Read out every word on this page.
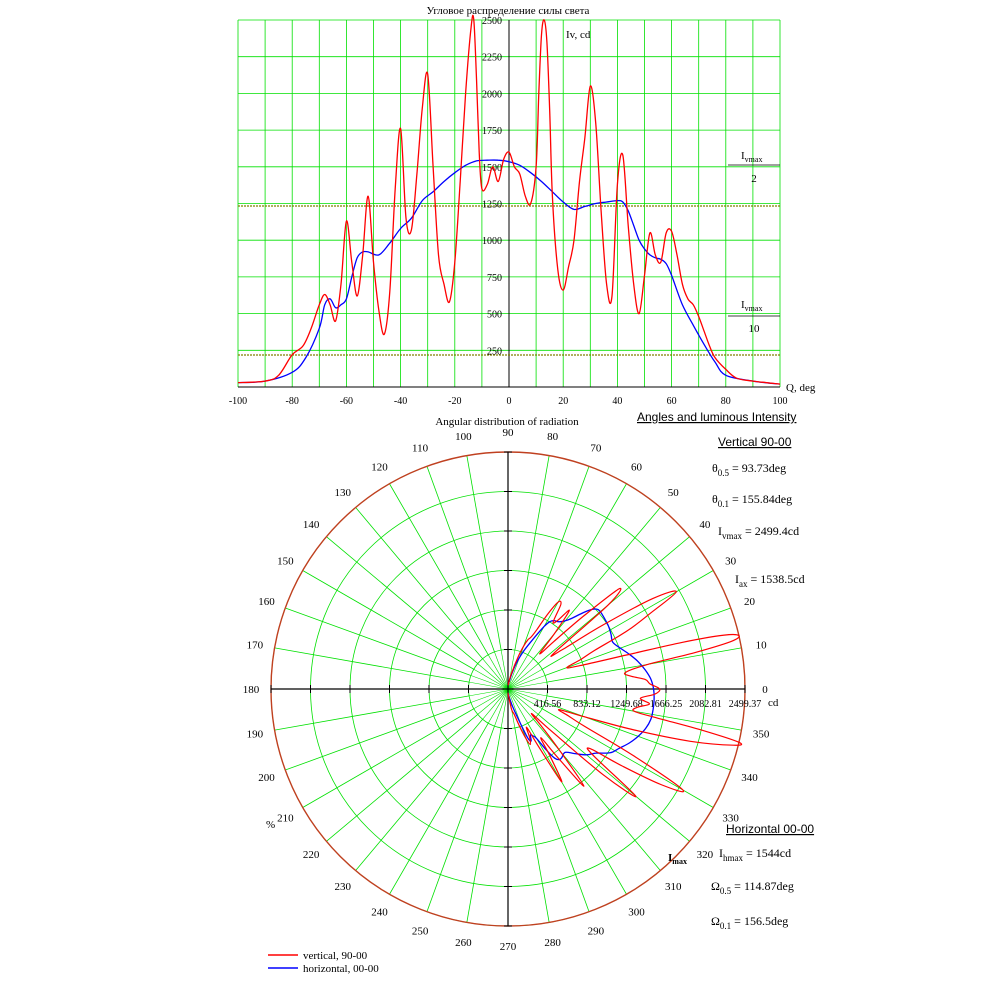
Угловое распределение силы света
250
500
750
1000
1250
1500
1750
2000
2250
2500
-100	-80	-60	-40	-20	0	20	40	60	80	100
Iv, cd
Q, deg
Angles and luminous Intensity
$I_{vmax}$
2
$I_{vmax}$
10
Angular distribution of radiation
0
10
20
30
40
50
60
70
80
90
100
110
120
130
140
150
160
170
180
190
200
210
220
230
240
250
260	270	280
290
300
310
320
330
340
350
416.56 833.12 1249.68 1666.25 2082.81 2499.37 cd
%
$I_{max}$
Vertical 90-00
$\theta_{0.5} = 93.73deg$
$\theta_{0.1} = 155.84deg$
$I_{vmax} = 2499.4cd$
$I_{ax} = 1538.5cd$
Horizontal 00-00
$I_{hmax} = 1544cd$
$\Omega_{0.5} = 114.87deg$
$\Omega_{0.1} = 156.5deg$
vertical, 90-00
horizontal, 00-00
